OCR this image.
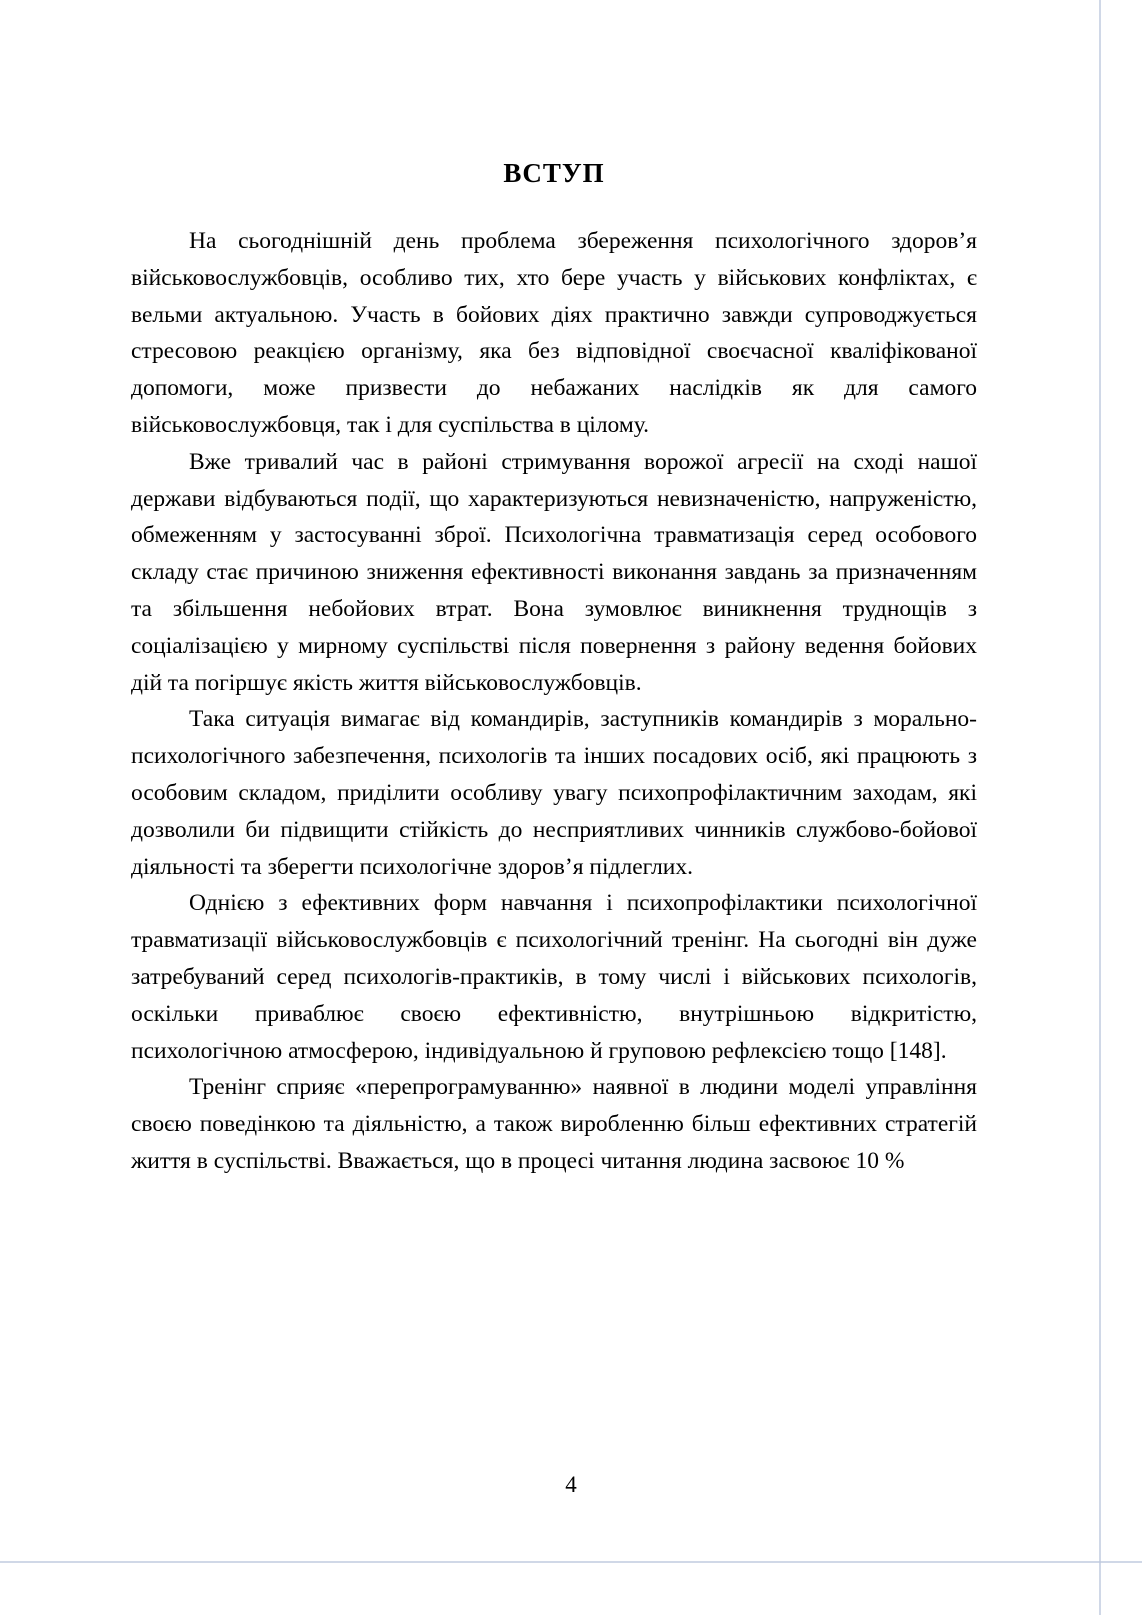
ВСТУП

На сьогоднішній день проблема збереження психологічного здоров’я військовослужбовців, особливо тих, хто бере участь у військових конфліктах, є вельми актуальною. Участь в бойових діях практично завжди супроводжується стресовою реакцією організму, яка без відповідної своєчасної кваліфікованої допомоги, може призвести до небажаних наслідків як для самого військовослужбовця, так і для суспільства в цілому.

Вже тривалий час в районі стримування ворожої агресії на сході нашої держави відбуваються події, що характеризуються невизначеністю, напруженістю, обмеженням у застосуванні зброї. Психологічна травматизація серед особового складу стає причиною зниження ефективності виконання завдань за призначенням та збільшення небойових втрат. Вона зумовлює виникнення труднощів з соціалізацією у мирному суспільстві після повернення з району ведення бойових дій та погіршує якість життя військовослужбовців.

Така ситуація вимагає від командирів, заступників командирів з морально-психологічного забезпечення, психологів та інших посадових осіб, які працюють з особовим складом, приділити особливу увагу психопрофілактичним заходам, які дозволили би підвищити стійкість до несприятливих чинників службово-бойової діяльності та зберегти психологічне здоров’я підлеглих.

Однією з ефективних форм навчання і психопрофілактики психологічної травматизації військовослужбовців є психологічний тренінг. На сьогодні він дуже затребуваний серед психологів-практиків, в тому числі і військових психологів, оскільки приваблює своєю ефективністю, внутрішньою відкритістю, психологічною атмосферою, індивідуальною й груповою рефлексією тощо [148].

Тренінг сприяє «перепрограмуванню» наявної в людини моделі управління своєю поведінкою та діяльністю, а також виробленню більш ефективних стратегій життя в суспільстві. Вважається, що в процесі читання людина засвоює 10 %

4
